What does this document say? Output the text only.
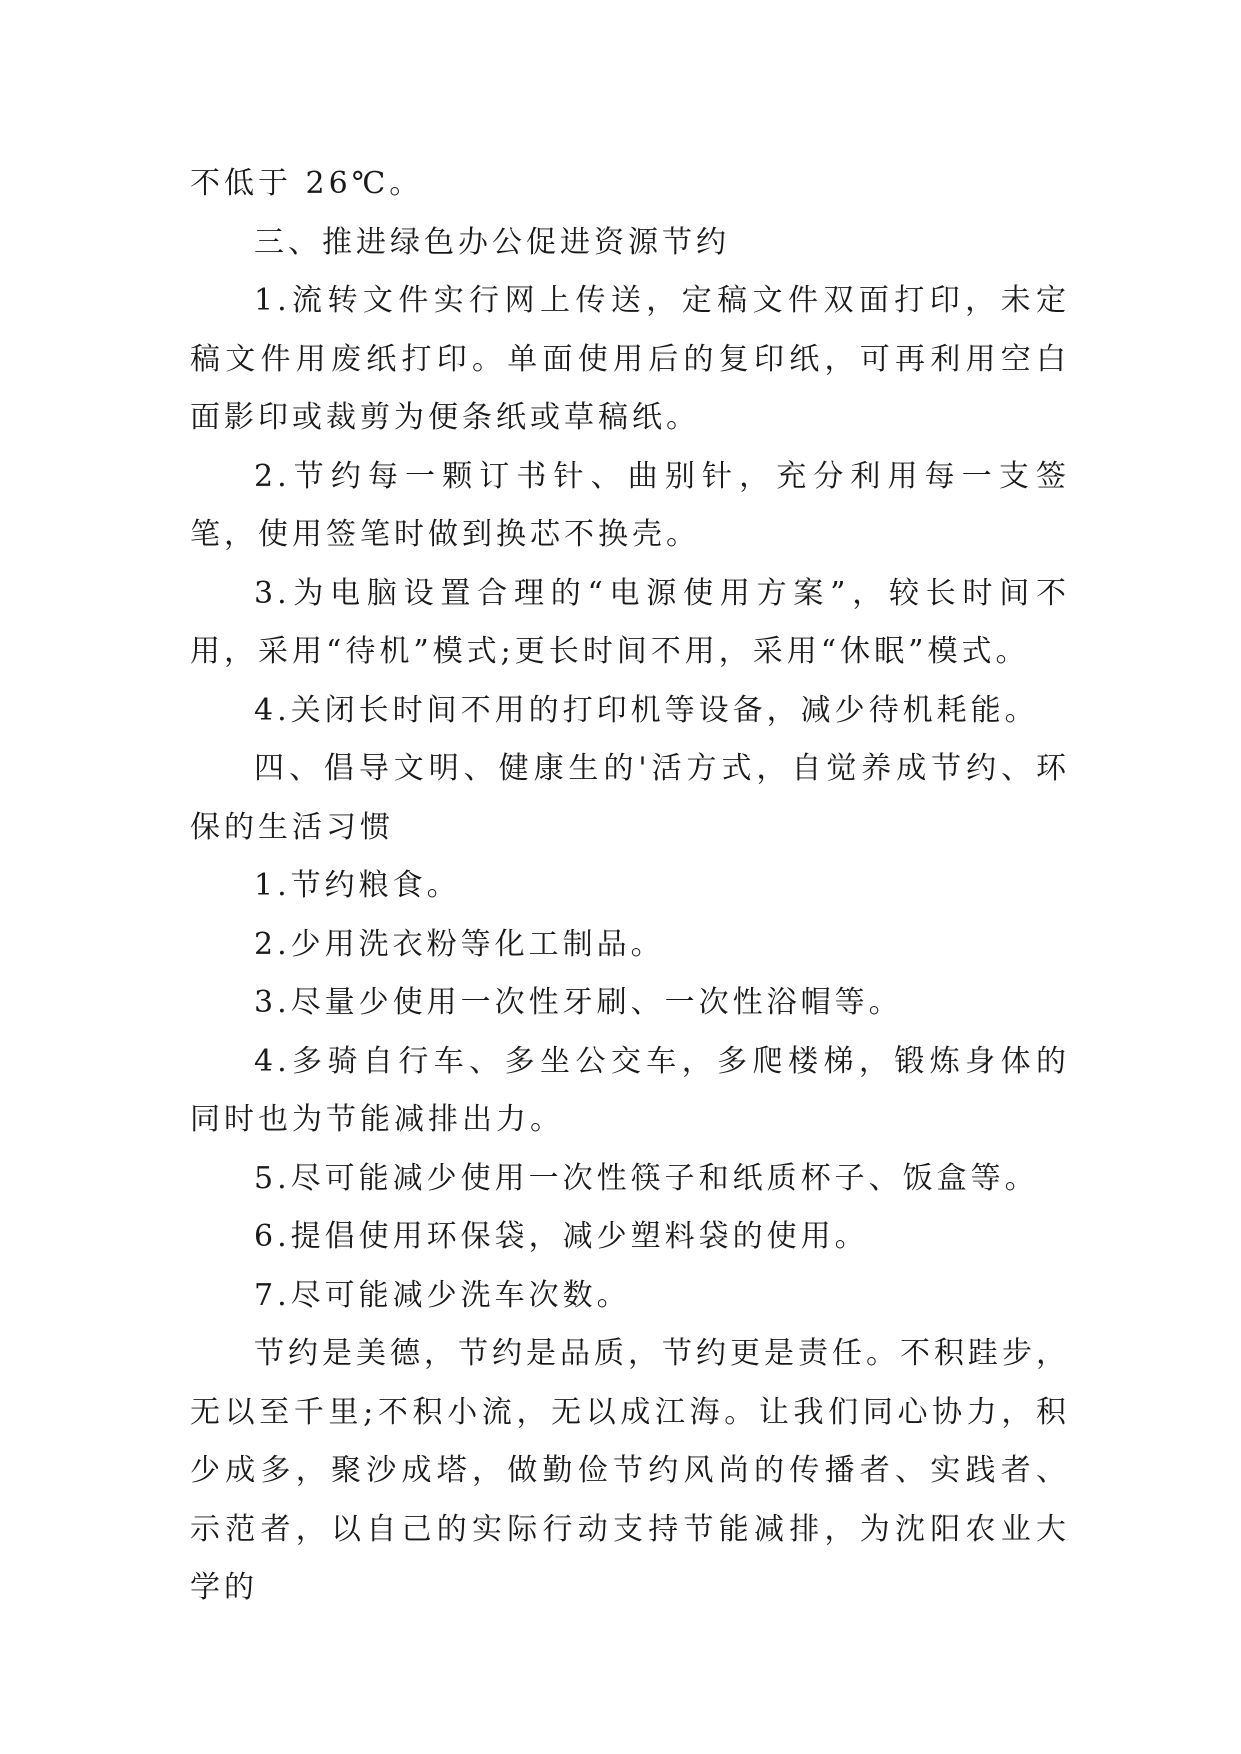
不低于 26℃。

三、推进绿色办公促进资源节约

1.流转文件实行网上传送，定稿文件双面打印，未定稿文件用废纸打印。单面使用后的复印纸，可再利用空白面影印或裁剪为便条纸或草稿纸。

2.节约每一颗订书针、曲别针，充分利用每一支签笔，使用签笔时做到换芯不换壳。

3.为电脑设置合理的“电源使用方案”，较长时间不用，采用“待机”模式;更长时间不用，采用“休眠”模式。

4.关闭长时间不用的打印机等设备，减少待机耗能。

四、倡导文明、健康生的'活方式，自觉养成节约、环保的生活习惯

1.节约粮食。

2.少用洗衣粉等化工制品。

3.尽量少使用一次性牙刷、一次性浴帽等。

4.多骑自行车、多坐公交车，多爬楼梯，锻炼身体的同时也为节能减排出力。

5.尽可能减少使用一次性筷子和纸质杯子、饭盒等。

6.提倡使用环保袋，减少塑料袋的使用。

7.尽可能减少洗车次数。

节约是美德，节约是品质，节约更是责任。不积跬步，无以至千里;不积小流，无以成江海。让我们同心协力，积少成多，聚沙成塔，做勤俭节约风尚的传播者、实践者、示范者，以自己的实际行动支持节能减排，为沈阳农业大学的
